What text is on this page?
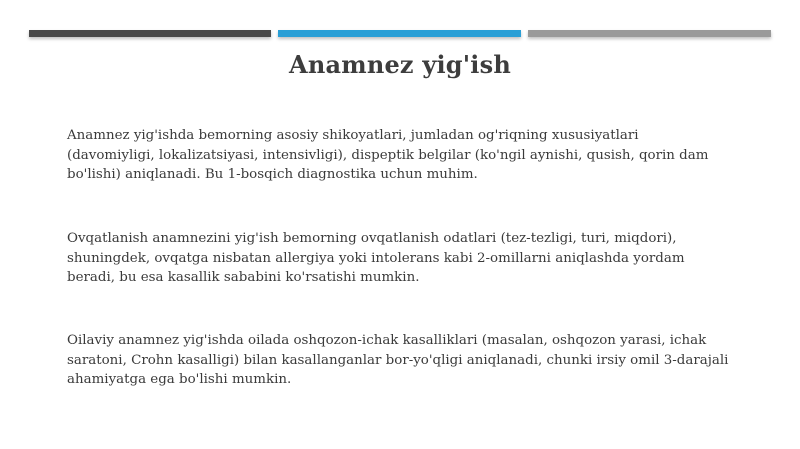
Anamnez yig'ish

Anamnez yig'ishda bemorning asosiy shikoyatlari, jumladan og'riqning xususiyatlari
(davomiyligi, lokalizatsiyasi, intensivligi), dispeptik belgilar (ko'ngil aynishi, qusish, qorin dam
bo'lishi) aniqlanadi. Bu 1-bosqich diagnostika uchun muhim.

Ovqatlanish anamnezini yig'ish bemorning ovqatlanish odatlari (tez-tezligi, turi, miqdori),
shuningdek, ovqatga nisbatan allergiya yoki intolerans kabi 2-omillarni aniqlashda yordam
beradi, bu esa kasallik sababini ko'rsatishi mumkin.

Oilaviy anamnez yig'ishda oilada oshqozon-ichak kasalliklari (masalan, oshqozon yarasi, ichak
saratoni, Crohn kasalligi) bilan kasallanganlar bor-yo'qligi aniqlanadi, chunki irsiy omil 3-darajali
ahamiyatga ega bo'lishi mumkin.
